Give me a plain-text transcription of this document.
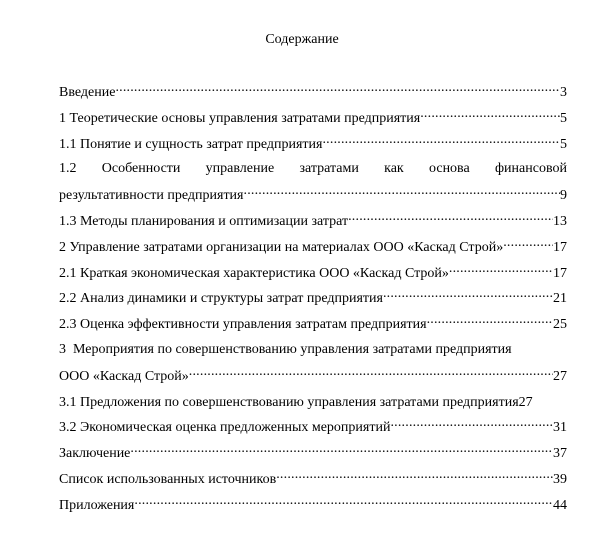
Содержание
Введение .....	3
1 Теоретические основы управления затратами предприятия .....	5
1.1 Понятие и сущность затрат предприятия .....	5
1.2 Особенности управление затратами как основа финансовой
результативности предприятия .....	9
1.3 Методы планирования и оптимизации затрат .....	13
2 Управление затратами организации на материалах ООО «Каскад Строй» .....	17
2.1 Краткая экономическая характеристика ООО «Каскад Строй» .....	17
2.2 Анализ динамики и структуры затрат предприятия .....	21
2.3 Оценка эффективности управления затратам предприятия .....	25
3  Мероприятия по совершенствованию управления затратами предприятия
ООО «Каскад Строй» .....	27
3.1 Предложения по совершенствованию управления затратами предприятия 27
3.2 Экономическая оценка предложенных мероприятий .....	31
Заключение .....	37
Список использованных источников .....	39
Приложения .....	44
